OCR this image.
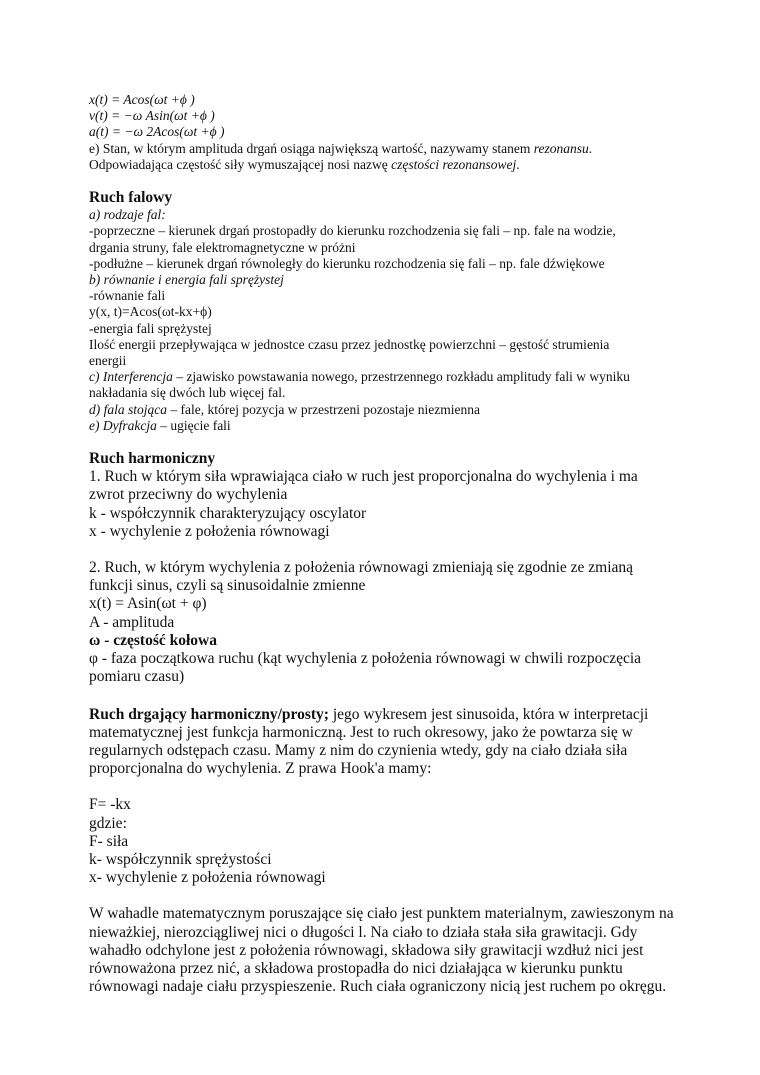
x(t) = Acos(ωt +ϕ )
v(t) = −ω Asin(ωt +ϕ )
a(t) = −ω 2Acos(ωt +ϕ )
e) Stan, w którym amplituda drgań osiąga największą wartość, nazywamy stanem rezonansu.
Odpowiadająca częstość siły wymuszającej nosi nazwę częstości rezonansowej.
Ruch falowy
a) rodzaje fal:
-poprzeczne – kierunek drgań prostopadły do kierunku rozchodzenia się fali – np. fale na wodzie,
drgania struny, fale elektromagnetyczne w próżni
-podłużne – kierunek drgań równoległy do kierunku rozchodzenia się fali – np. fale dźwiękowe
b) równanie i energia fali sprężystej
-równanie fali
y(x, t)=Acos(ωt-kx+ϕ)
-energia fali sprężystej
Ilość energii przepływająca w jednostce czasu przez jednostkę powierzchni – gęstość strumienia
energii
c) Interferencja – zjawisko powstawania nowego, przestrzennego rozkładu amplitudy fali w wyniku
nakładania się dwóch lub więcej fal.
d) fala stojąca – fale, której pozycja w przestrzeni pozostaje niezmienna
e) Dyfrakcja – ugięcie fali
Ruch harmoniczny
1. Ruch w którym siła wprawiająca ciało w ruch jest proporcjonalna do wychylenia i ma
zwrot przeciwny do wychylenia
k - współczynnik charakteryzujący oscylator
x - wychylenie z położenia równowagi
2. Ruch, w którym wychylenia z położenia równowagi zmieniają się zgodnie ze zmianą
funkcji sinus, czyli są sinusoidalnie zmienne
x(t) = Asin(ωt + φ)
A - amplituda
ω - częstość kołowa
φ - faza początkowa ruchu (kąt wychylenia z położenia równowagi w chwili rozpoczęcia
pomiaru czasu)
Ruch drgający harmoniczny/prosty; jego wykresem jest sinusoida, która w interpretacji
matematycznej jest funkcja harmoniczną. Jest to ruch okresowy, jako że powtarza się w
regularnych odstępach czasu. Mamy z nim do czynienia wtedy, gdy na ciało działa siła
proporcjonalna do wychylenia. Z prawa Hook'a mamy:
F= -kx
gdzie:
F- siła
k- współczynnik sprężystości
x- wychylenie z położenia równowagi
W wahadle matematycznym poruszające się ciało jest punktem materialnym, zawieszonym na
nieważkiej, nierozciągliwej nici o długości l. Na ciało to działa stała siła grawitacji. Gdy
wahadło odchylone jest z położenia równowagi, składowa siły grawitacji wzdłuż nici jest
równoważona przez nić, a składowa prostopadła do nici działająca w kierunku punktu
równowagi nadaje ciału przyspieszenie. Ruch ciała ograniczony nicią jest ruchem po okręgu.
